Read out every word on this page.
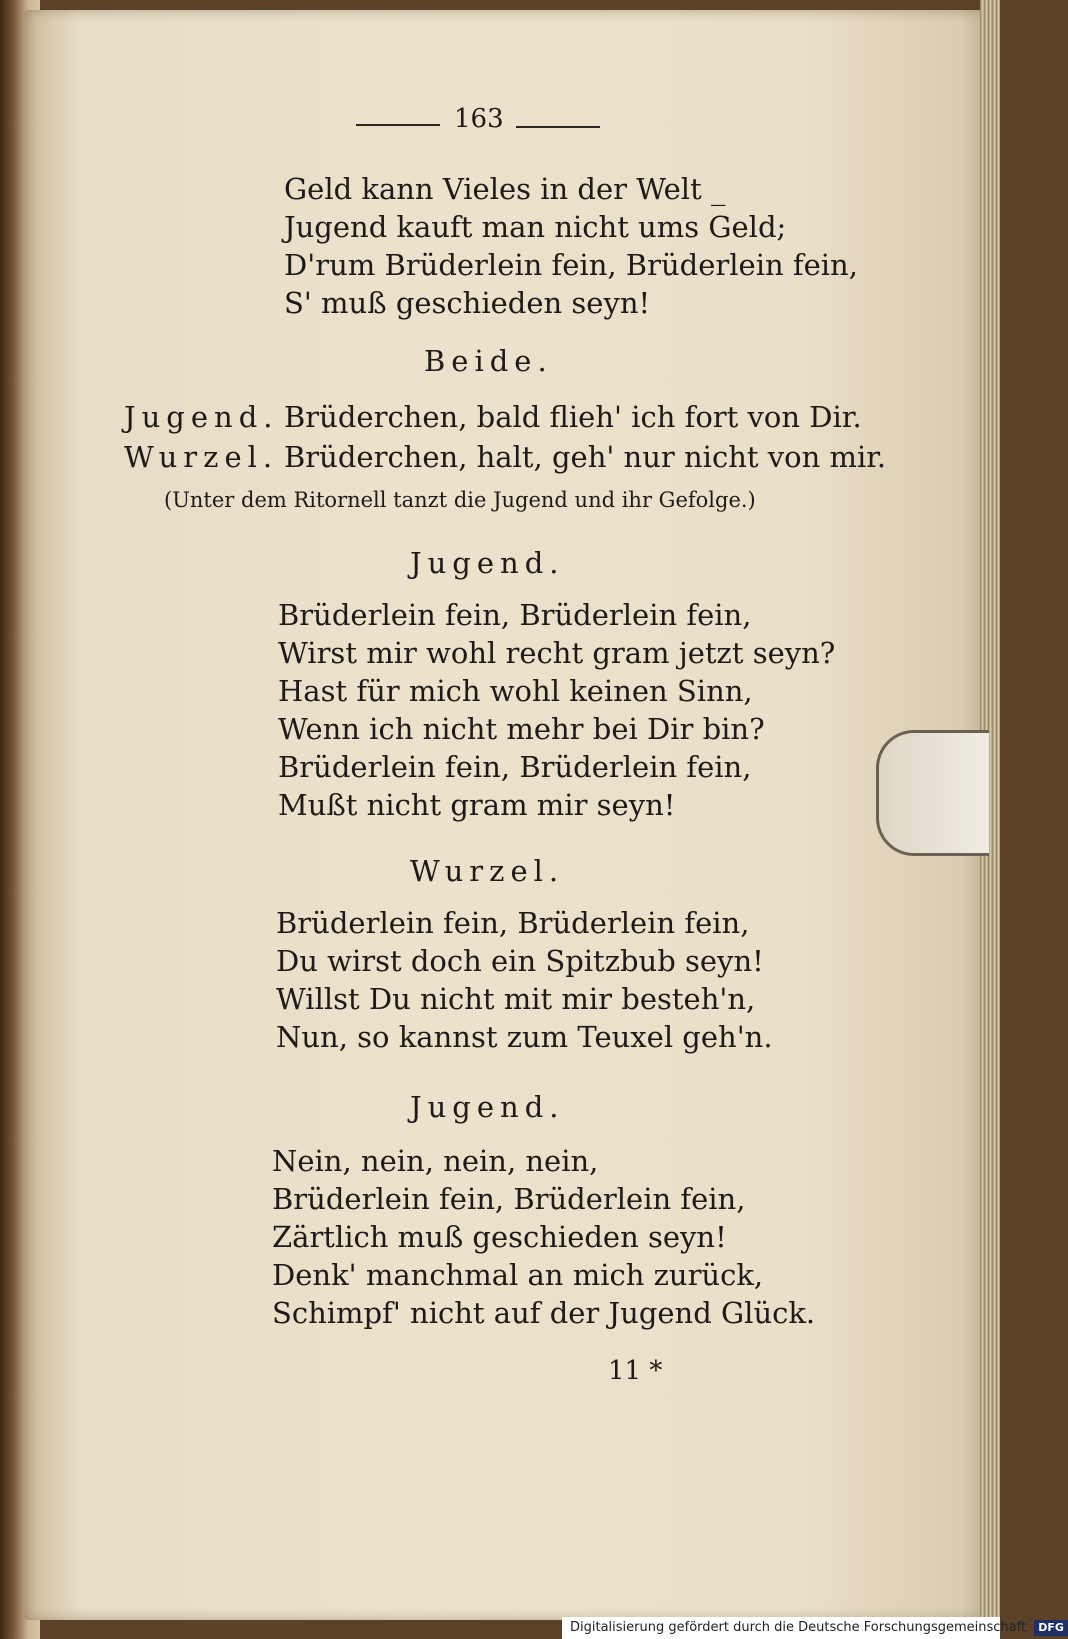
163
Geld kann Vieles in der Welt _
Jugend kauft man nicht ums Geld;
D'rum Brüderlein fein, Brüderlein fein,
S' muß geschieden seyn!
Beide.
Jugend. Brüderchen, bald flieh' ich fort von Dir.
Wurzel. Brüderchen, halt, geh' nur nicht von mir.
(Unter dem Ritornell tanzt die Jugend und ihr Gefolge.)
Jugend.
Brüderlein fein, Brüderlein fein,
Wirst mir wohl recht gram jetzt seyn?
Hast für mich wohl keinen Sinn,
Wenn ich nicht mehr bei Dir bin?
Brüderlein fein, Brüderlein fein,
Mußt nicht gram mir seyn!
Wurzel.
Brüderlein fein, Brüderlein fein,
Du wirst doch ein Spitzbub seyn!
Willst Du nicht mit mir besteh'n,
Nun, so kannst zum Teuxel geh'n.
Jugend.
Nein, nein, nein, nein,
Brüderlein fein, Brüderlein fein,
Zärtlich muß geschieden seyn!
Denk' manchmal an mich zurück,
Schimpf' nicht auf der Jugend Glück.
11 *
Digitalisierung gefördert durch die Deutsche Forschungsgemeinschaft DFG
